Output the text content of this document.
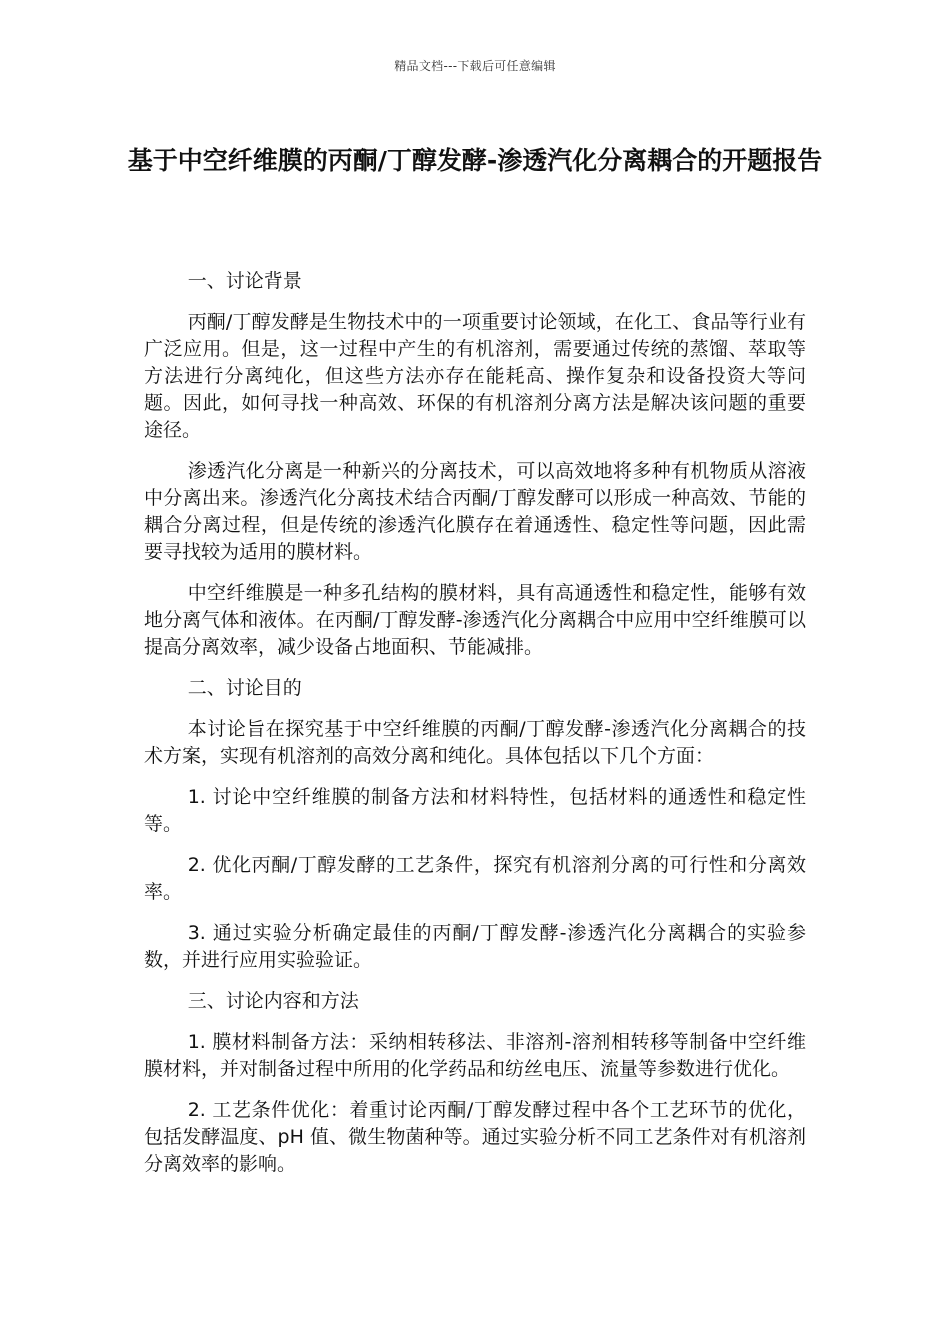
精品文档---下载后可任意编辑
基于中空纤维膜的丙酮/丁醇发酵-渗透汽化分离耦合的开题报告

一、讨论背景

丙酮/丁醇发酵是生物技术中的一项重要讨论领域，在化工、食品等行业有广泛应用。但是，这一过程中产生的有机溶剂，需要通过传统的蒸馏、萃取等方法进行分离纯化，但这些方法亦存在能耗高、操作复杂和设备投资大等问题。因此，如何寻找一种高效、环保的有机溶剂分离方法是解决该问题的重要途径。

渗透汽化分离是一种新兴的分离技术，可以高效地将多种有机物质从溶液中分离出来。渗透汽化分离技术结合丙酮/丁醇发酵可以形成一种高效、节能的耦合分离过程，但是传统的渗透汽化膜存在着通透性、稳定性等问题，因此需要寻找较为适用的膜材料。

中空纤维膜是一种多孔结构的膜材料，具有高通透性和稳定性，能够有效地分离气体和液体。在丙酮/丁醇发酵-渗透汽化分离耦合中应用中空纤维膜可以提高分离效率，减少设备占地面积、节能减排。

二、讨论目的

本讨论旨在探究基于中空纤维膜的丙酮/丁醇发酵-渗透汽化分离耦合的技术方案，实现有机溶剂的高效分离和纯化。具体包括以下几个方面：

1. 讨论中空纤维膜的制备方法和材料特性，包括材料的通透性和稳定性等。

2. 优化丙酮/丁醇发酵的工艺条件，探究有机溶剂分离的可行性和分离效率。

3. 通过实验分析确定最佳的丙酮/丁醇发酵-渗透汽化分离耦合的实验参数，并进行应用实验验证。

三、讨论内容和方法

1. 膜材料制备方法：采纳相转移法、非溶剂-溶剂相转移等制备中空纤维膜材料，并对制备过程中所用的化学药品和纺丝电压、流量等参数进行优化。

2. 工艺条件优化：着重讨论丙酮/丁醇发酵过程中各个工艺环节的优化，包括发酵温度、pH 值、微生物菌种等。通过实验分析不同工艺条件对有机溶剂分离效率的影响。
